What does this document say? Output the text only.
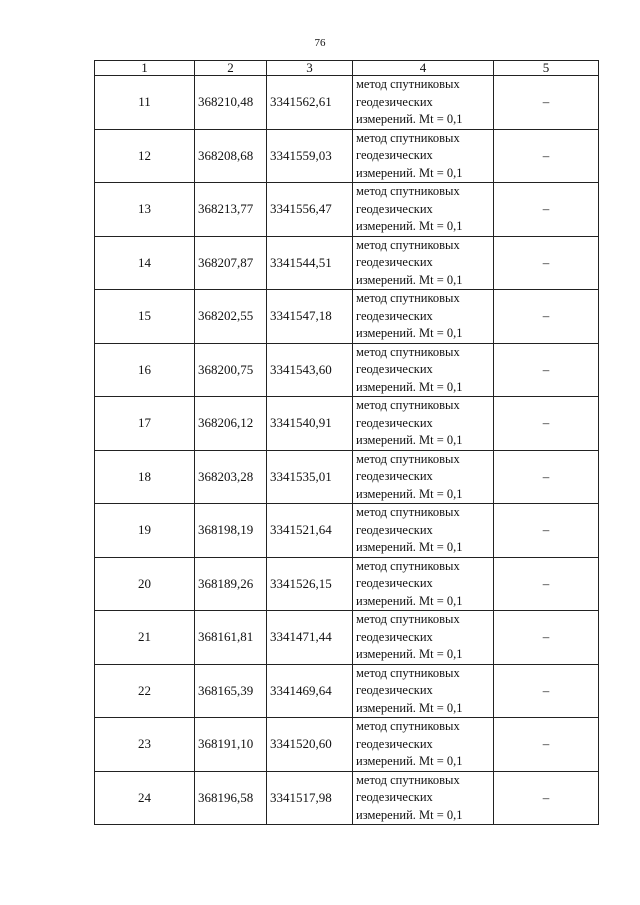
76
1	2	3	4	5
11	368210,48	3341562,61	метод спутниковых
геодезических
измерений. Mt = 0,1	–
12	368208,68	3341559,03	метод спутниковых
геодезических
измерений. Mt = 0,1	–
13	368213,77	3341556,47	метод спутниковых
геодезических
измерений. Mt = 0,1	–
14	368207,87	3341544,51	метод спутниковых
геодезических
измерений. Mt = 0,1	–
15	368202,55	3341547,18	метод спутниковых
геодезических
измерений. Mt = 0,1	–
16	368200,75	3341543,60	метод спутниковых
геодезических
измерений. Mt = 0,1	–
17	368206,12	3341540,91	метод спутниковых
геодезических
измерений. Mt = 0,1	–
18	368203,28	3341535,01	метод спутниковых
геодезических
измерений. Mt = 0,1	–
19	368198,19	3341521,64	метод спутниковых
геодезических
измерений. Mt = 0,1	–
20	368189,26	3341526,15	метод спутниковых
геодезических
измерений. Mt = 0,1	–
21	368161,81	3341471,44	метод спутниковых
геодезических
измерений. Mt = 0,1	–
22	368165,39	3341469,64	метод спутниковых
геодезических
измерений. Mt = 0,1	–
23	368191,10	3341520,60	метод спутниковых
геодезических
измерений. Mt = 0,1	–
24	368196,58	3341517,98	метод спутниковых
геодезических
измерений. Mt = 0,1	–
